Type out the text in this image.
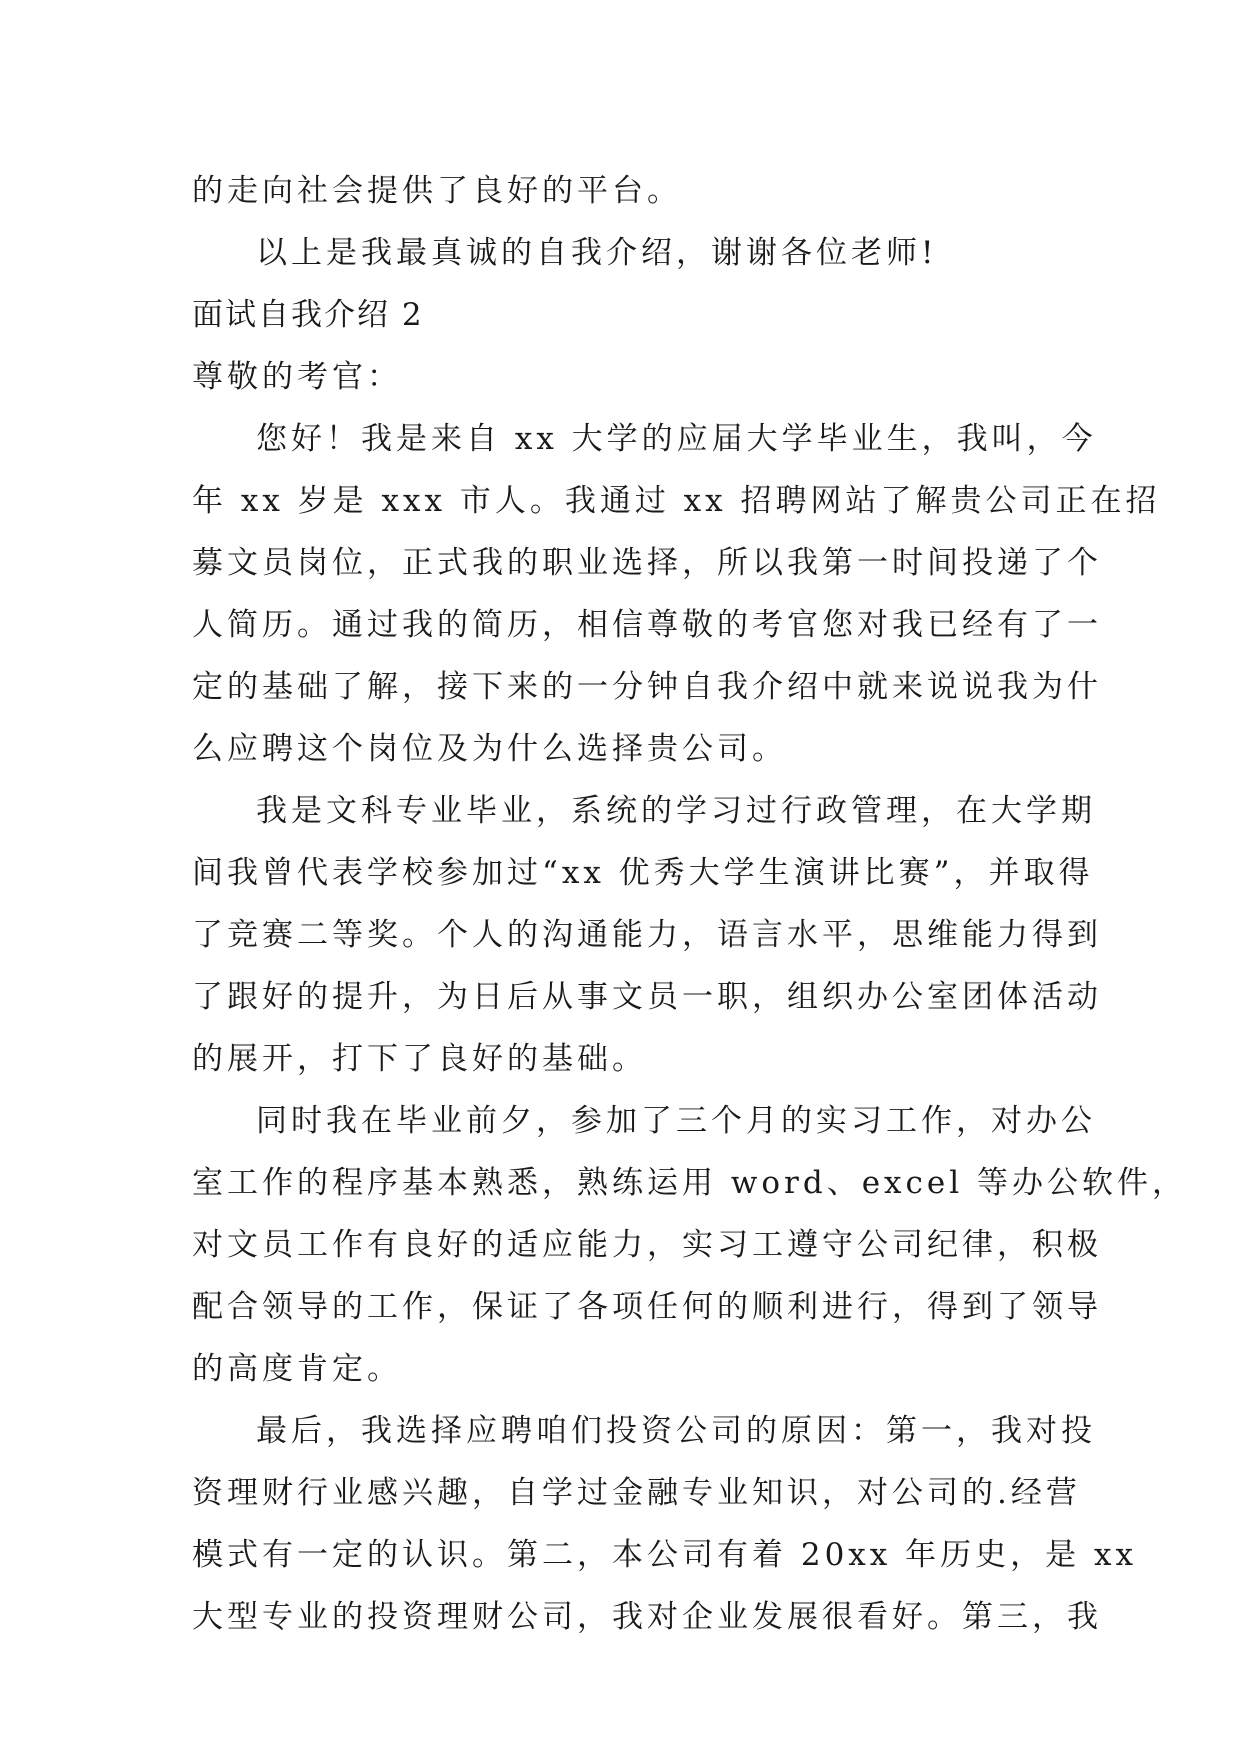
的走向社会提供了良好的平台。

以上是我最真诚的自我介绍，谢谢各位老师!

面试自我介绍 2

尊敬的考官：

您好！我是来自 xx 大学的应届大学毕业生，我叫，今

年 xx 岁是 xxx 市人。我通过 xx 招聘网站了解贵公司正在招

募文员岗位，正式我的职业选择，所以我第一时间投递了个

人简历。通过我的简历，相信尊敬的考官您对我已经有了一

定的基础了解，接下来的一分钟自我介绍中就来说说我为什

么应聘这个岗位及为什么选择贵公司。

我是文科专业毕业，系统的学习过行政管理，在大学期

间我曾代表学校参加过“xx 优秀大学生演讲比赛”，并取得

了竞赛二等奖。个人的沟通能力，语言水平，思维能力得到

了跟好的提升，为日后从事文员一职，组织办公室团体活动

的展开，打下了良好的基础。

同时我在毕业前夕，参加了三个月的实习工作，对办公

室工作的程序基本熟悉，熟练运用 word、excel 等办公软件，

对文员工作有良好的适应能力，实习工遵守公司纪律，积极

配合领导的工作，保证了各项任何的顺利进行，得到了领导

的高度肯定。

最后，我选择应聘咱们投资公司的原因：第一，我对投

资理财行业感兴趣，自学过金融专业知识，对公司的.经营

模式有一定的认识。第二，本公司有着 20xx 年历史，是 xx

大型专业的投资理财公司，我对企业发展很看好。第三，我
